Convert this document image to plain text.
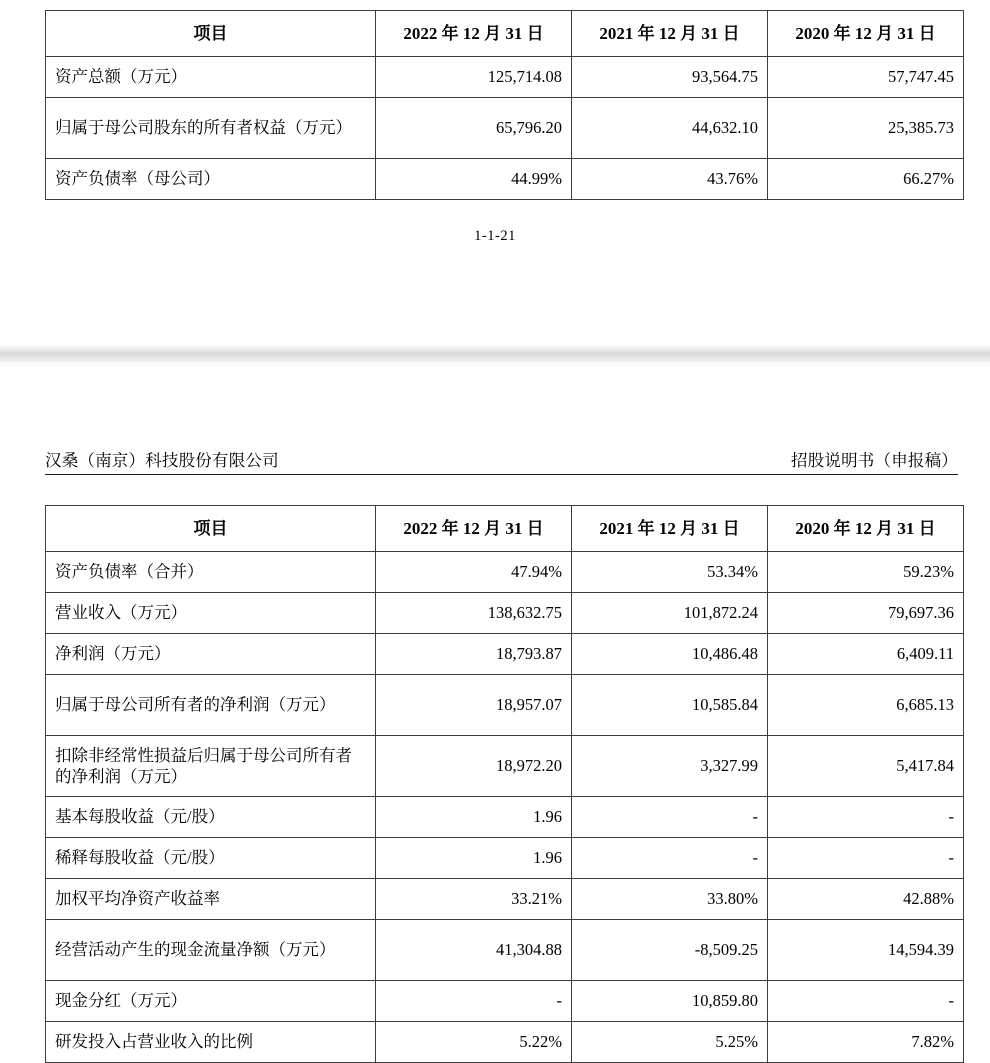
项目	2022 年 12 月 31 日	2021 年 12 月 31 日	2020 年 12 月 31 日
资产总额（万元）	125,714.08	93,564.75	57,747.45
归属于母公司股东的所有者权益（万元）	65,796.20	44,632.10	25,385.73
资产负债率（母公司）	44.99%	43.76%	66.27%
1-1-21
汉桑（南京）科技股份有限公司	招股说明书（申报稿）
项目	2022 年 12 月 31 日	2021 年 12 月 31 日	2020 年 12 月 31 日
资产负债率（合并）	47.94%	53.34%	59.23%
营业收入（万元）	138,632.75	101,872.24	79,697.36
净利润（万元）	18,793.87	10,486.48	6,409.11
归属于母公司所有者的净利润（万元）	18,957.07	10,585.84	6,685.13
扣除非经常性损益后归属于母公司所有者的净利润（万元）	18,972.20	3,327.99	5,417.84
基本每股收益（元/股）	1.96	-	-
稀释每股收益（元/股）	1.96	-	-
加权平均净资产收益率	33.21%	33.80%	42.88%
经营活动产生的现金流量净额（万元）	41,304.88	-8,509.25	14,594.39
现金分红（万元）	-	10,859.80	-
研发投入占营业收入的比例	5.22%	5.25%	7.82%
